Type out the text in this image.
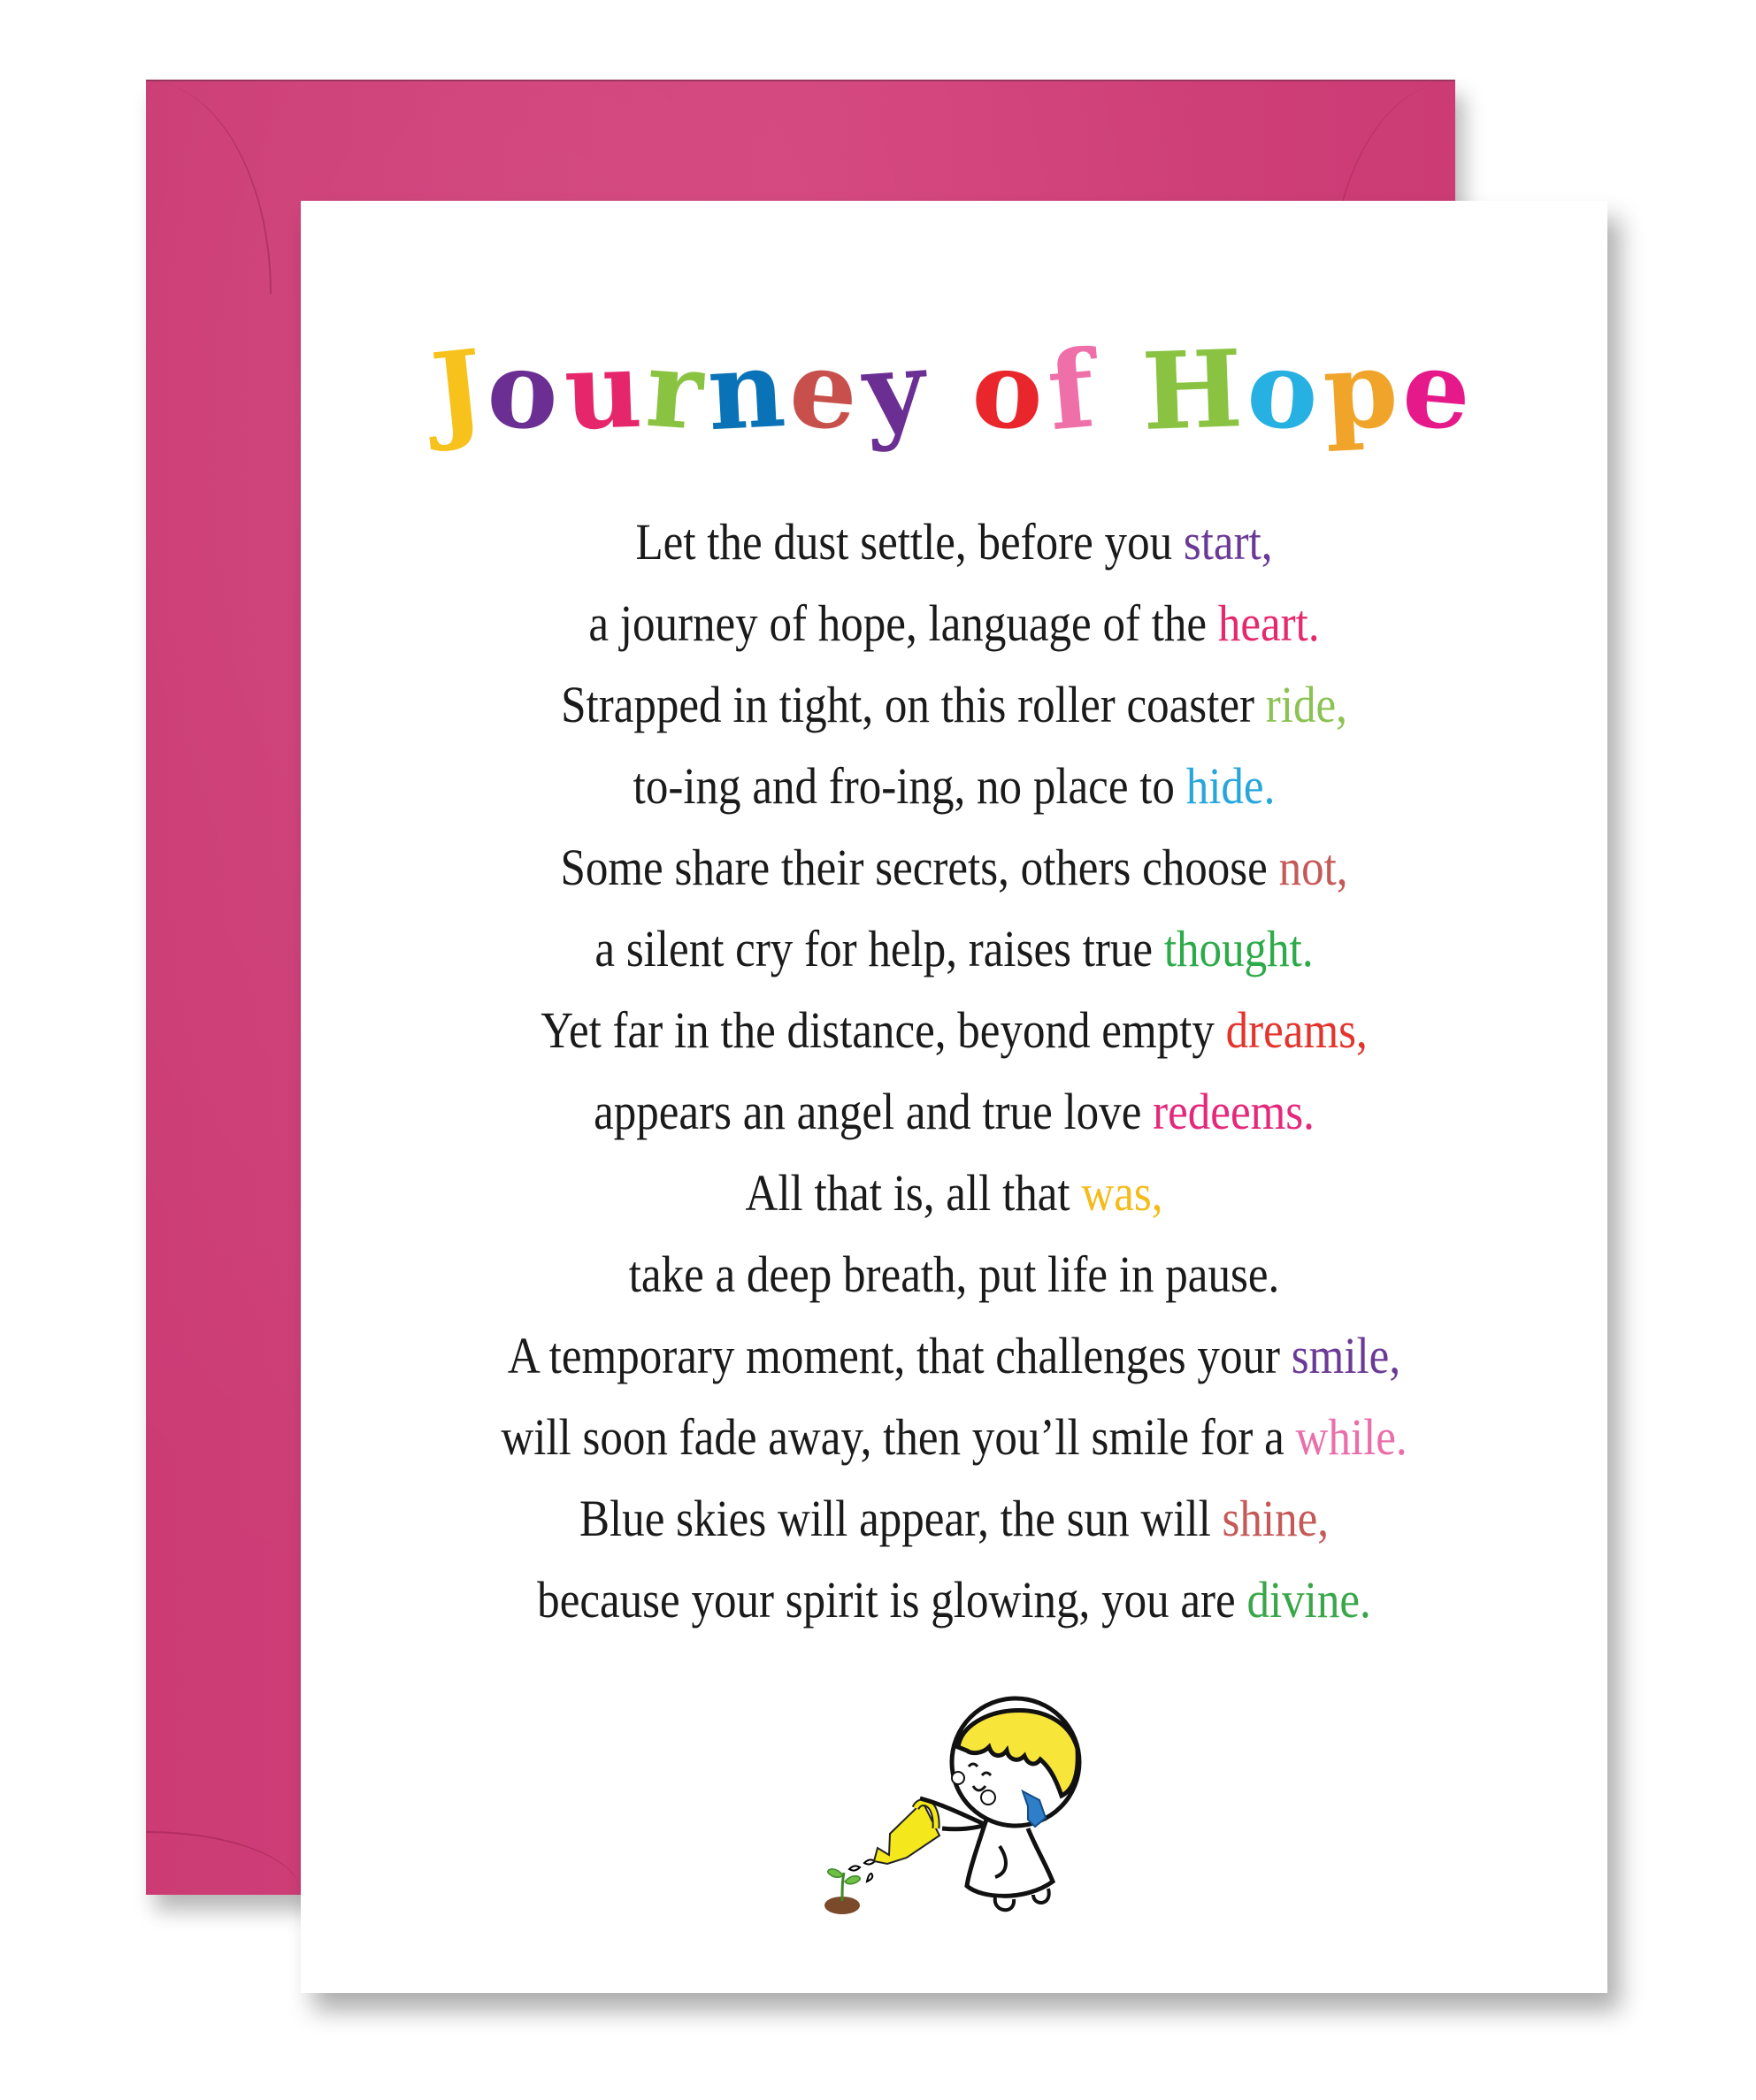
Journey of Hope
Let the dust settle, before you start,
a journey of hope, language of the heart.
Strapped in tight, on this roller coaster ride,
to-ing and fro-ing, no place to hide.
Some share their secrets, others choose not,
a silent cry for help, raises true thought.
Yet far in the distance, beyond empty dreams,
appears an angel and true love redeems.
All that is, all that was,
take a deep breath, put life in pause.
A temporary moment, that challenges your smile,
will soon fade away, then you’ll smile for a while.
Blue skies will appear, the sun will shine,
because your spirit is glowing, you are divine.
